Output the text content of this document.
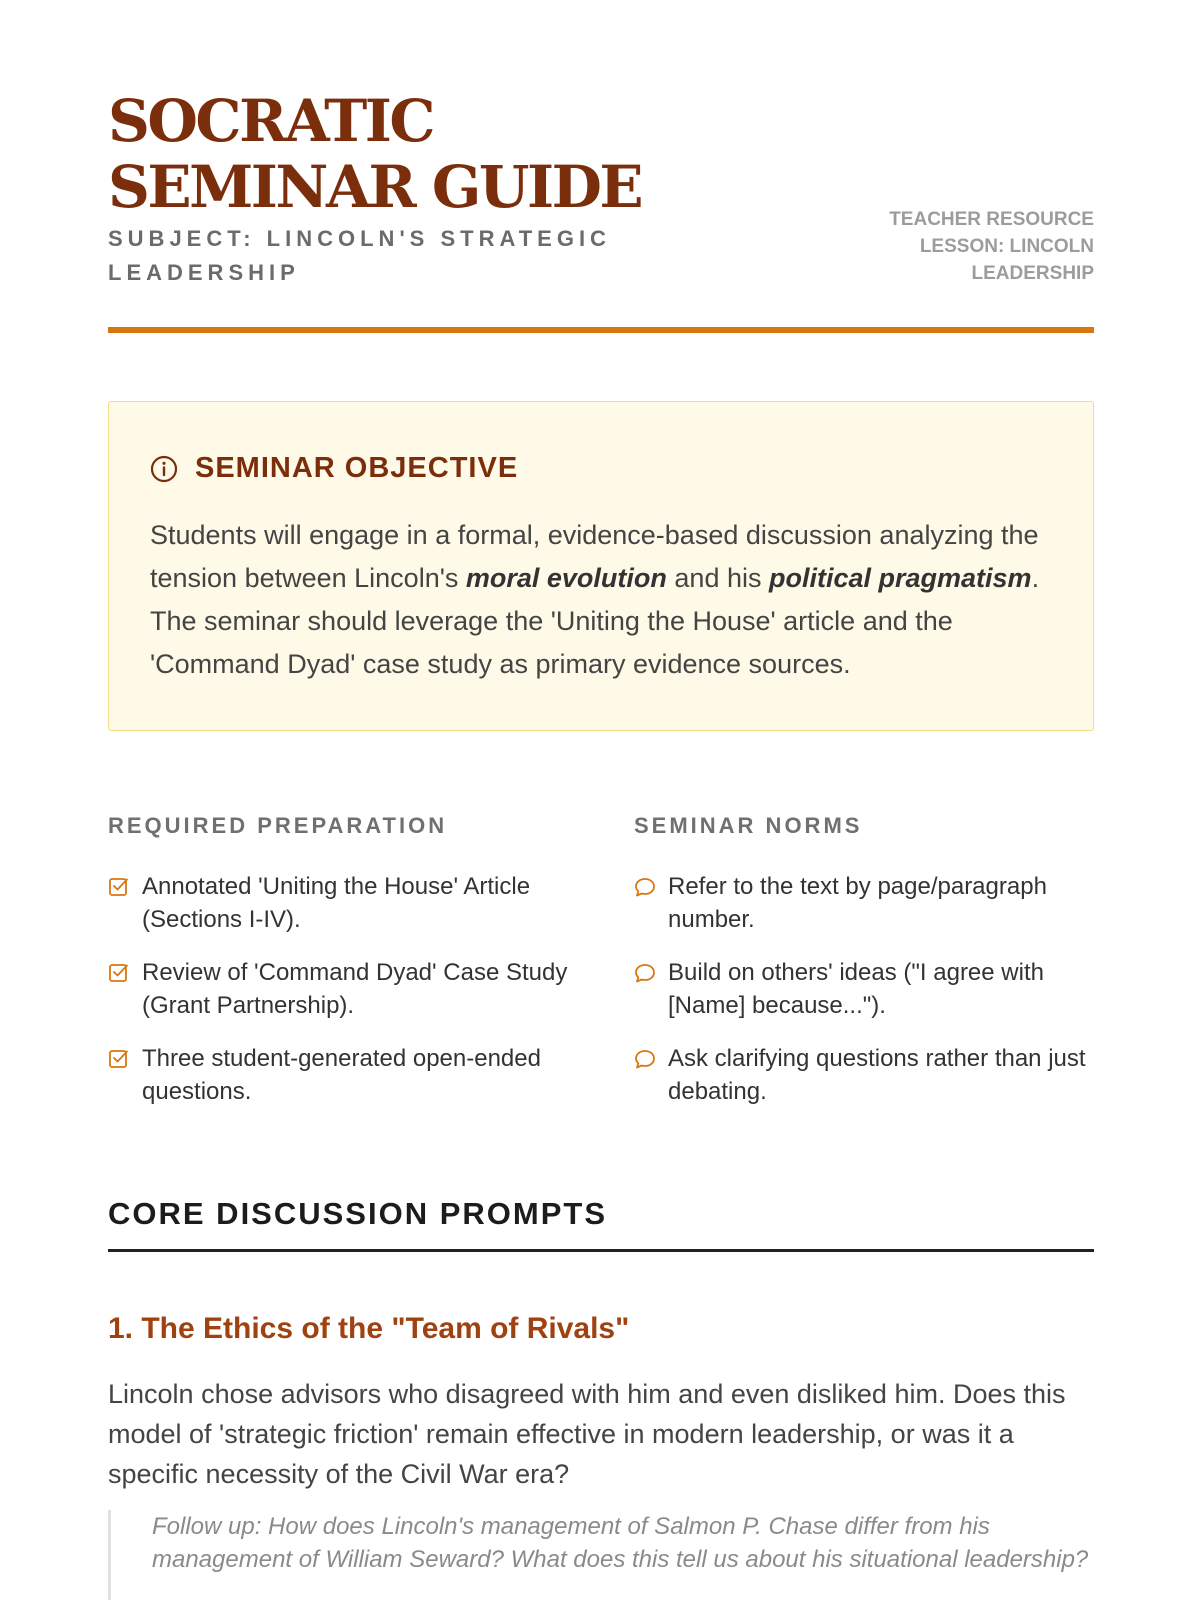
SOCRATIC SEMINAR GUIDE
SUBJECT: LINCOLN'S STRATEGIC LEADERSHIP
TEACHER RESOURCE
LESSON: LINCOLN LEADERSHIP
SEMINAR OBJECTIVE

Students will engage in a formal, evidence-based discussion analyzing the tension between Lincoln's moral evolution and his political pragmatism. The seminar should leverage the 'Uniting the House' article and the 'Command Dyad' case study as primary evidence sources.

REQUIRED PREPARATION
Annotated 'Uniting the House' Article (Sections I-IV).
Review of 'Command Dyad' Case Study (Grant Partnership).
Three student-generated open-ended questions.
SEMINAR NORMS
Refer to the text by page/paragraph number.
Build on others' ideas ("I agree with [Name] because...").
Ask clarifying questions rather than just debating.
CORE DISCUSSION PROMPTS
1. The Ethics of the "Team of Rivals"

Lincoln chose advisors who disagreed with him and even disliked him. Does this model of 'strategic friction' remain effective in modern leadership, or was it a specific necessity of the Civil War era?

Follow up: How does Lincoln's management of Salmon P. Chase differ from his management of William Seward? What does this tell us about his situational leadership?
